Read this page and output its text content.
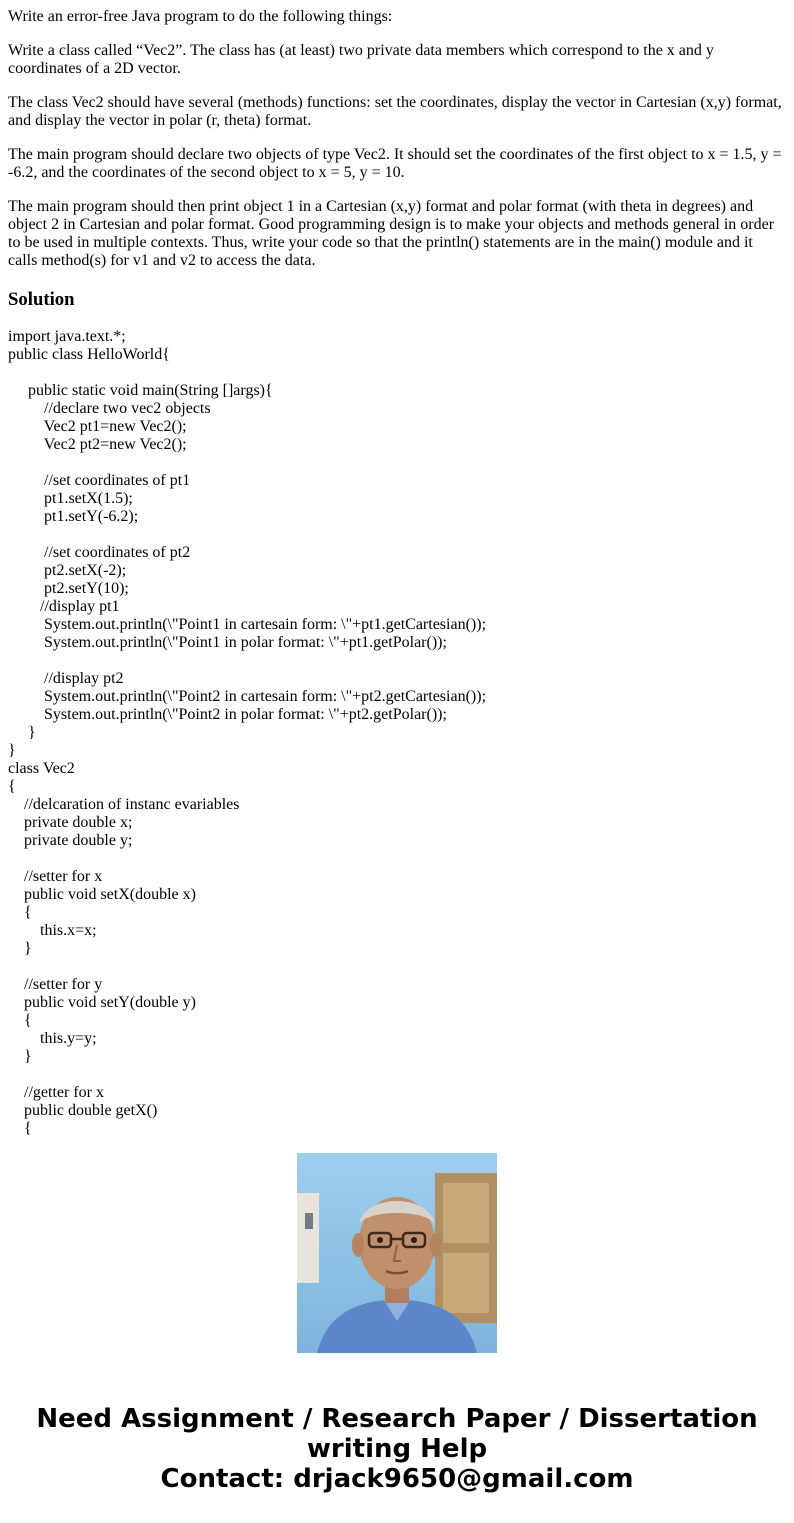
Write an error-free Java program to do the following things:

Write a class called “Vec2”. The class has (at least) two private data members which correspond to the x and y coordinates of a 2D vector.

The class Vec2 should have several (methods) functions: set the coordinates, display the vector in Cartesian (x,y) format, and display the vector in polar (r, theta) format.

The main program should declare two objects of type Vec2. It should set the coordinates of the first object to x = 1.5, y = -6.2, and the coordinates of the second object to x = 5, y = 10.

The main program should then print object 1 in a Cartesian (x,y) format and polar format (with theta in degrees) and object 2 in Cartesian and polar format. Good programming design is to make your objects and methods general in order to be used in multiple contexts. Thus, write your code so that the println() statements are in the main() module and it calls method(s) for v1 and v2 to access the data.

Solution
import java.text.*;
public class HelloWorld{
public static void main(String []args){
//declare two vec2 objects
Vec2 pt1=new Vec2();
Vec2 pt2=new Vec2();
//set coordinates of pt1
pt1.setX(1.5);
pt1.setY(-6.2);
//set coordinates of pt2
pt2.setX(-2);
pt2.setY(10);
//display pt1
System.out.println(\"Point1 in cartesain form: \"+pt1.getCartesian());
System.out.println(\"Point1 in polar format: \"+pt1.getPolar());
//display pt2
System.out.println(\"Point2 in cartesain form: \"+pt2.getCartesian());
System.out.println(\"Point2 in polar format: \"+pt2.getPolar());
}
}
class Vec2
{
//delcaration of instanc evariables
private double x;
private double y;
//setter for x
public void setX(double x)
{
this.x=x;
}
//setter for y
public void setY(double y)
{
this.y=y;
}
//getter for x
public double getX()
{
Need Assignment / Research Paper / Dissertation
writing Help
Contact: drjack9650@gmail.com
